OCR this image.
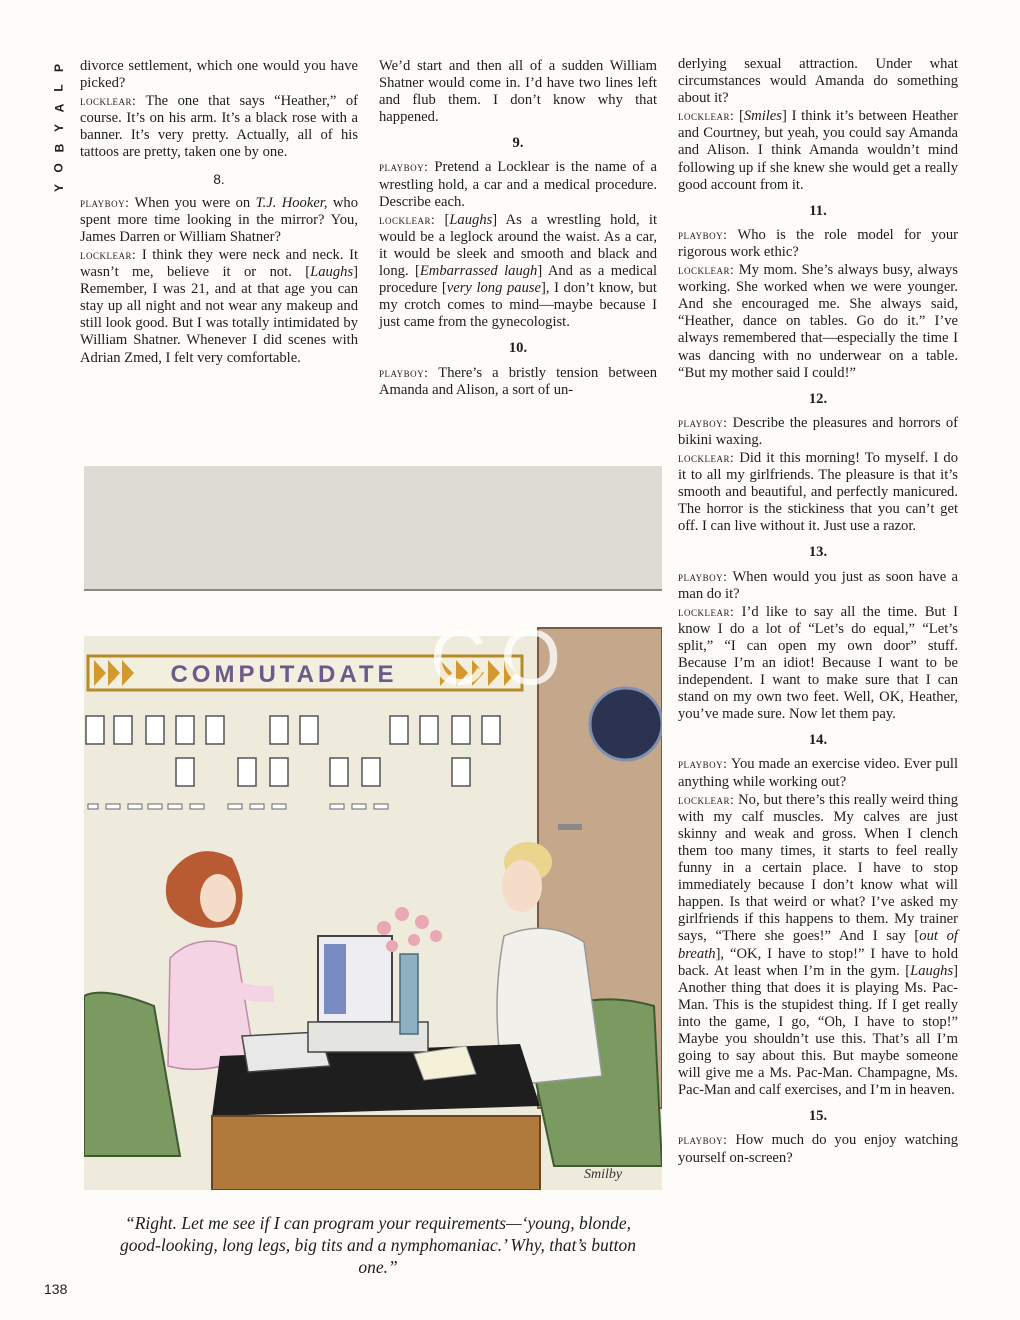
P
L
A
Y
B
O
Y

divorce settlement, which one would you have picked?

locklear: The one that says “Heather,” of course. It’s on his arm. It’s a black rose with a banner. It’s very pretty. Actually, all of his tattoos are pretty, taken one by one.

8.

playboy: When you were on T.J. Hooker, who spent more time looking in the mirror? You, James Darren or William Shatner?

locklear: I think they were neck and neck. It wasn’t me, believe it or not. [Laughs] Remember, I was 21, and at that age you can stay up all night and not wear any makeup and still look good. But I was totally intimidated by William Shatner. Whenever I did scenes with Adrian Zmed, I felt very comfortable.

We’d start and then all of a sudden William Shatner would come in. I’d have two lines left and flub them. I don’t know why that happened.

9.

playboy: Pretend a Locklear is the name of a wrestling hold, a car and a medical procedure. Describe each.

locklear: [Laughs] As a wrestling hold, it would be a leglock around the waist. As a car, it would be sleek and smooth and black and long. [Embarrassed laugh] And as a medical procedure [very long pause], I don’t know, but my crotch comes to mind—maybe because I just came from the gynecologist.

10.

playboy: There’s a bristly tension between Amanda and Alison, a sort of un-

derlying sexual attraction. Under what circumstances would Amanda do something about it?

locklear: [Smiles] I think it’s between Heather and Courtney, but yeah, you could say Amanda and Alison. I think Amanda wouldn’t mind following up if she knew she would get a really good account from it.

11.

playboy: Who is the role model for your rigorous work ethic?

locklear: My mom. She’s always busy, always working. She worked when we were younger. And she encouraged me. She always said, “Heather, dance on tables. Go do it.” I’ve always remembered that—especially the time I was dancing with no underwear on a table. “But my mother said I could!”

12.

playboy: Describe the pleasures and horrors of bikini waxing.

locklear: Did it this morning! To myself. I do it to all my girlfriends. The pleasure is that it’s smooth and beautiful, and perfectly manicured. The horror is the stickiness that you can’t get off. I can live without it. Just use a razor.

13.

playboy: When would you just as soon have a man do it?

locklear: I’d like to say all the time. But I know I do a lot of “Let’s do equal,” “Let’s split,” “I can open my own door” stuff. Because I’m an idiot! Because I want to be independent. I want to make sure that I can stand on my own two feet. Well, OK, Heather, you’ve made sure. Now let them pay.

14.

playboy: You made an exercise video. Ever pull anything while working out?

locklear: No, but there’s this really weird thing with my calf muscles. My calves are just skinny and weak and gross. When I clench them too many times, it starts to feel really funny in a certain place. I have to stop immediately because I don’t know what will happen. Is that weird or what? I’ve asked my girlfriends if this happens to them. My trainer says, “There she goes!” And I say [out of breath], “OK, I have to stop!” I have to hold back. At least when I’m in the gym. [Laughs] Another thing that does it is playing Ms. Pac-Man. This is the stupidest thing. If I get really into the game, I go, “Oh, I have to stop!” Maybe you shouldn’t use this. That’s all I’m going to say about this. But maybe someone will give me a Ms. Pac-Man. Champagne, Ms. Pac-Man and calf exercises, and I’m in heaven.

15.

playboy: How much do you enjoy watching yourself on-screen?

COMPUTADATE
Smilby
CO
“Right. Let me see if I can program your requirements—‘young, blonde, good-looking, long legs, big tits and a nymphomaniac.’ Why, that’s button one.”
138
